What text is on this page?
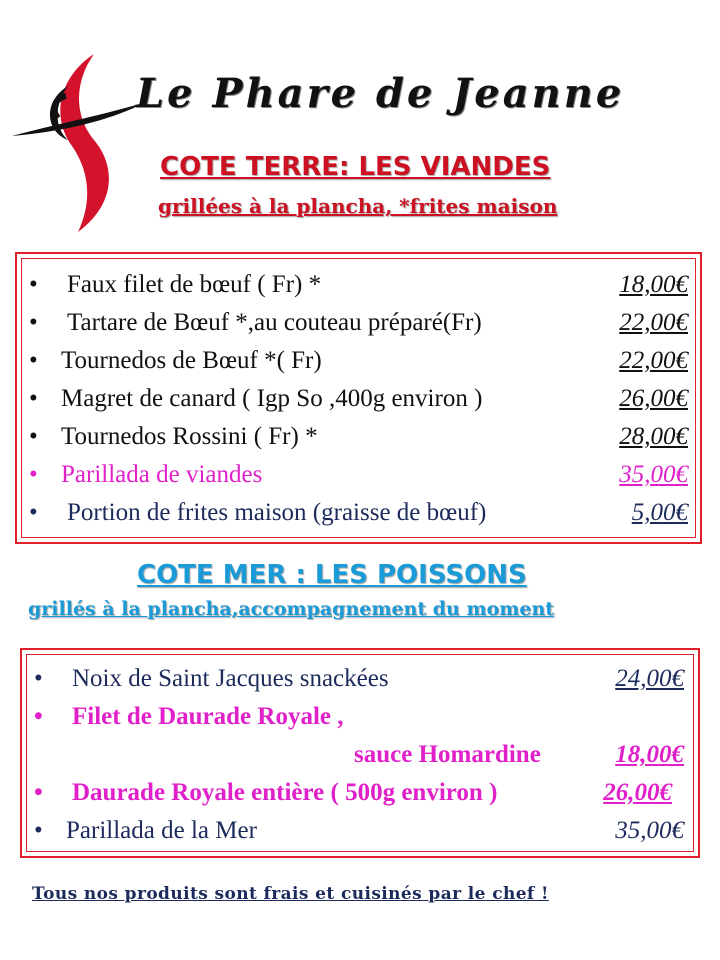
Le Phare de Jeanne
COTE TERRE: LES VIANDES
grillées à la plancha, *frites maison
• Faux filet de bœuf ( Fr) *	18,00€
• Tartare de Bœuf *,au couteau préparé(Fr)	22,00€
• Tournedos de Bœuf *( Fr)	22,00€
• Magret de canard ( Igp So ,400g environ )	26,00€
• Tournedos Rossini ( Fr) *	28,00€
• Parillada de viandes	35,00€
• Portion de frites maison (graisse de bœuf)	5,00€
COTE MER : LES POISSONS
grillés à la plancha,accompagnement du moment
• Noix de Saint Jacques snackées	24,00€
• Filet de Daurade Royale ,
sauce Homardine	18,00€
• Daurade Royale entière ( 500g environ )	26,00€
• Parillada de la Mer	35,00€
Tous nos produits sont frais et cuisinés par le chef !
